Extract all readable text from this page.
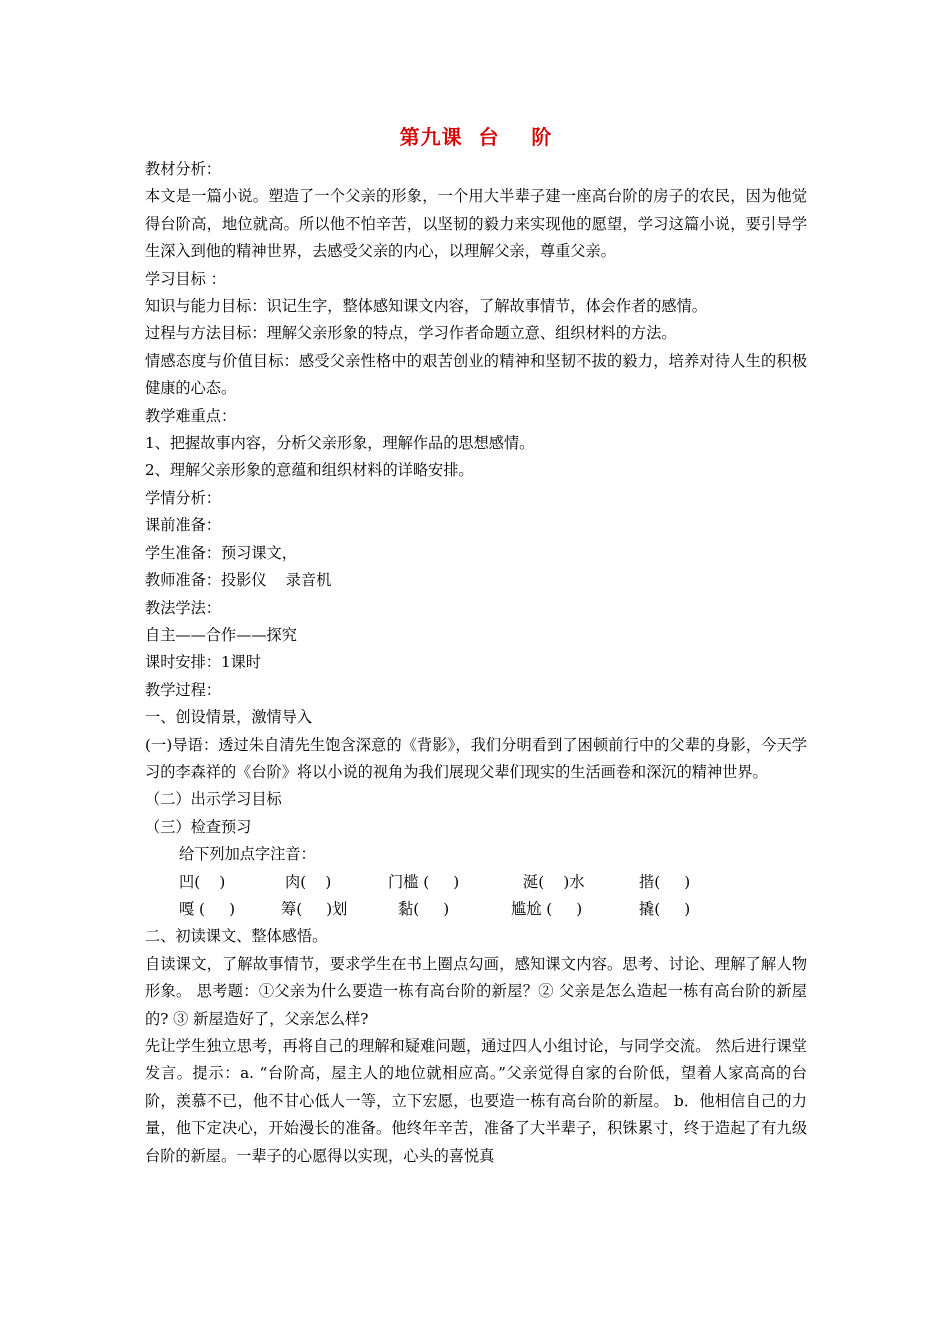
第九课  台    阶

教材分析：

本文是一篇小说。塑造了一个父亲的形象，一个用大半辈子建一座高台阶的房子的农民，因为他觉得台阶高，地位就高。所以他不怕辛苦，以坚韧的毅力来实现他的愿望，学习这篇小说，要引导学生深入到他的精神世界，去感受父亲的内心，以理解父亲，尊重父亲。

学习目标 ：

知识与能力目标：识记生字，整体感知课文内容，了解故事情节，体会作者的感情。

过程与方法目标：理解父亲形象的特点，学习作者命题立意、组织材料的方法。

情感态度与价值目标：感受父亲性格中的艰苦创业的精神和坚韧不拔的毅力，培养对待人生的积极健康的心态。

教学难重点：

1、把握故事内容，分析父亲形象，理解作品的思想感情。

2、理解父亲形象的意蕴和组织材料的详略安排。

学情分析：

课前准备：

学生准备：预习课文，

教师准备：投影仪    录音机

教法学法：

自主——合作——探究

课时安排：1课时

教学过程：

一、创设情景，激情导入

(一)导语：透过朱自清先生饱含深意的《背影》，我们分明看到了困顿前行中的父辈的身影，今天学习的李森祥的《台阶》将以小说的视角为我们展现父辈们现实的生活画卷和深沉的精神世界。

（二）出示学习目标

（三）检查预习

给下列加点字注音：

凹(    )	肉(    )	门槛 (     )	涎(    )水	揩(     )
嘎 (     )	筹(     )划	黏(     )	尴尬 (     )	撬(     )

二、初读课文、整体感悟。

自读课文，了解故事情节，要求学生在书上圈点勾画，感知课文内容。思考、讨论、理解了解人物形象。 思考题：①父亲为什么要造一栋有高台阶的新屋？② 父亲是怎么造起一栋有高台阶的新屋的? ③ 新屋造好了，父亲怎么样?

先让学生独立思考，再将自己的理解和疑难问题，通过四人小组讨论，与同学交流。 然后进行课堂发言。提示：a. “台阶高，屋主人的地位就相应高。”父亲觉得自家的台阶低，望着人家高高的台阶，羡慕不已，他不甘心低人一等，立下宏愿，也要造一栋有高台阶的新屋。 b．他相信自己的力量，他下定决心，开始漫长的准备。他终年辛苦，准备了大半辈子，积铢累寸，终于造起了有九级台阶的新屋。一辈子的心愿得以实现，心头的喜悦真
